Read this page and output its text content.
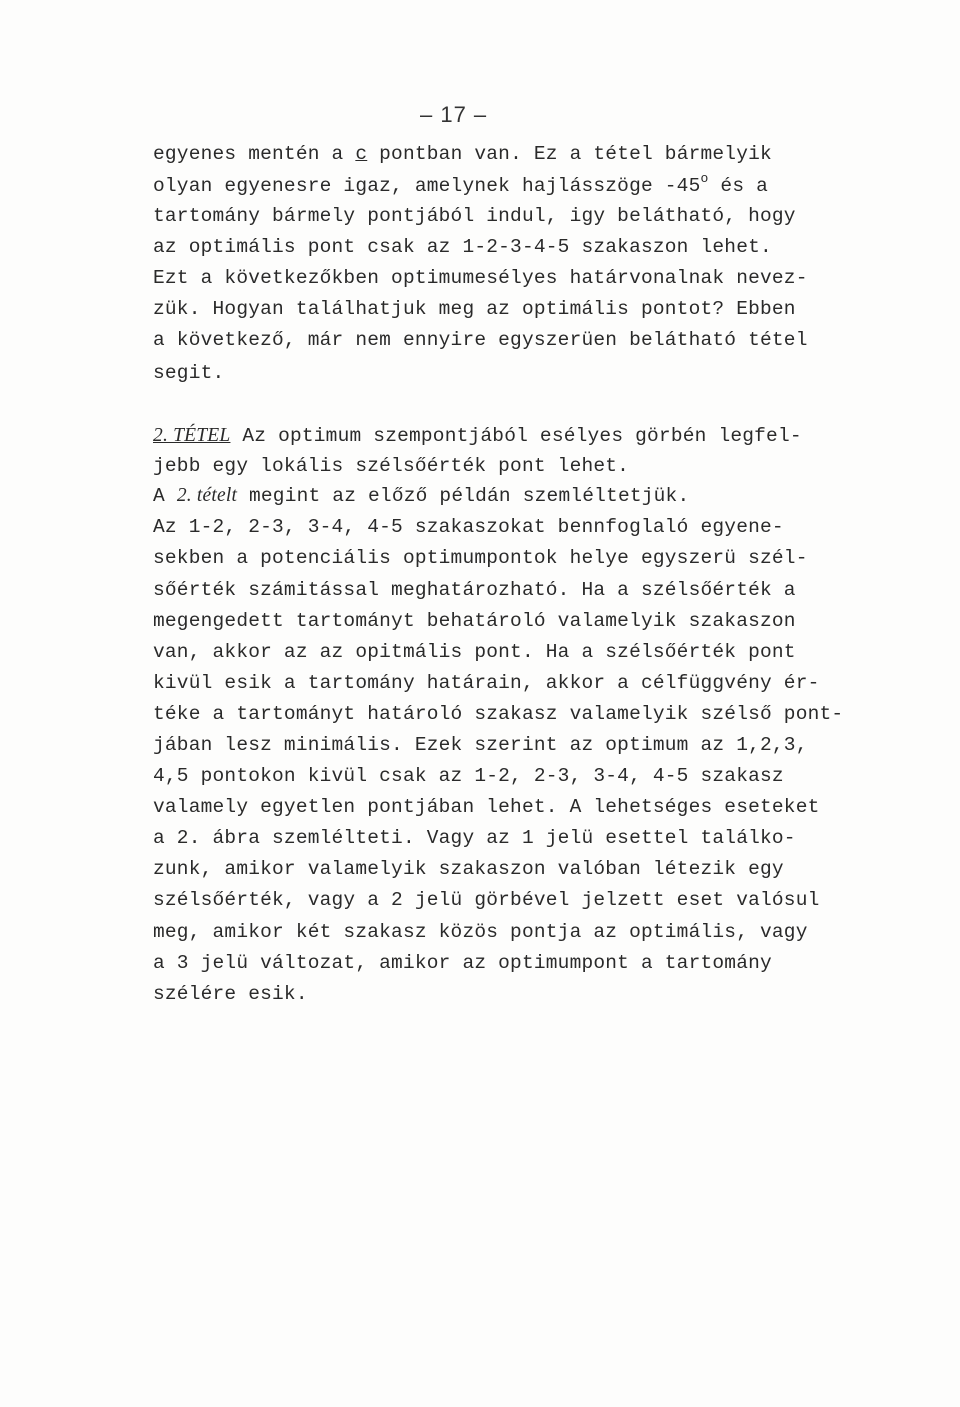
– 17 –
egyenes mentén a c pontban van. Ez a tétel bármelyik
olyan egyenesre igaz, amelynek hajlásszöge -45$^o$ és a
tartomány bármely pontjából indul, igy belátható, hogy
az optimális pont csak az 1-2-3-4-5 szakaszon lehet.
Ezt a következőkben optimumesélyes határvonalnak nevez-
zük. Hogyan találhatjuk meg az optimális pontot? Ebben
a következő, már nem ennyire egyszerüen belátható tétel
segit.
2. TÉTEL Az optimum szempontjából esélyes görbén legfel-
jebb egy lokális szélsőérték pont lehet.
A 2. tételt megint az előző példán szemléltetjük.
Az 1-2, 2-3, 3-4, 4-5 szakaszokat bennfoglaló egyene-
sekben a potenciális optimumpontok helye egyszerü szél-
sőérték számitással meghatározható. Ha a szélsőérték a
megengedett tartományt behatároló valamelyik szakaszon
van, akkor az az opitmális pont. Ha a szélsőérték pont
kivül esik a tartomány határain, akkor a célfüggvény ér-
téke a tartományt határoló szakasz valamelyik szélső pont-
jában lesz minimális. Ezek szerint az optimum az 1,2,3,
4,5 pontokon kivül csak az 1-2, 2-3, 3-4, 4-5 szakasz
valamely egyetlen pontjában lehet. A lehetséges eseteket
a 2. ábra szemlélteti. Vagy az 1 jelü esettel találko-
zunk, amikor valamelyik szakaszon valóban létezik egy
szélsőérték, vagy a 2 jelü görbével jelzett eset valósul
meg, amikor két szakasz közös pontja az optimális, vagy
a 3 jelü változat, amikor az optimumpont a tartomány
szélére esik.
